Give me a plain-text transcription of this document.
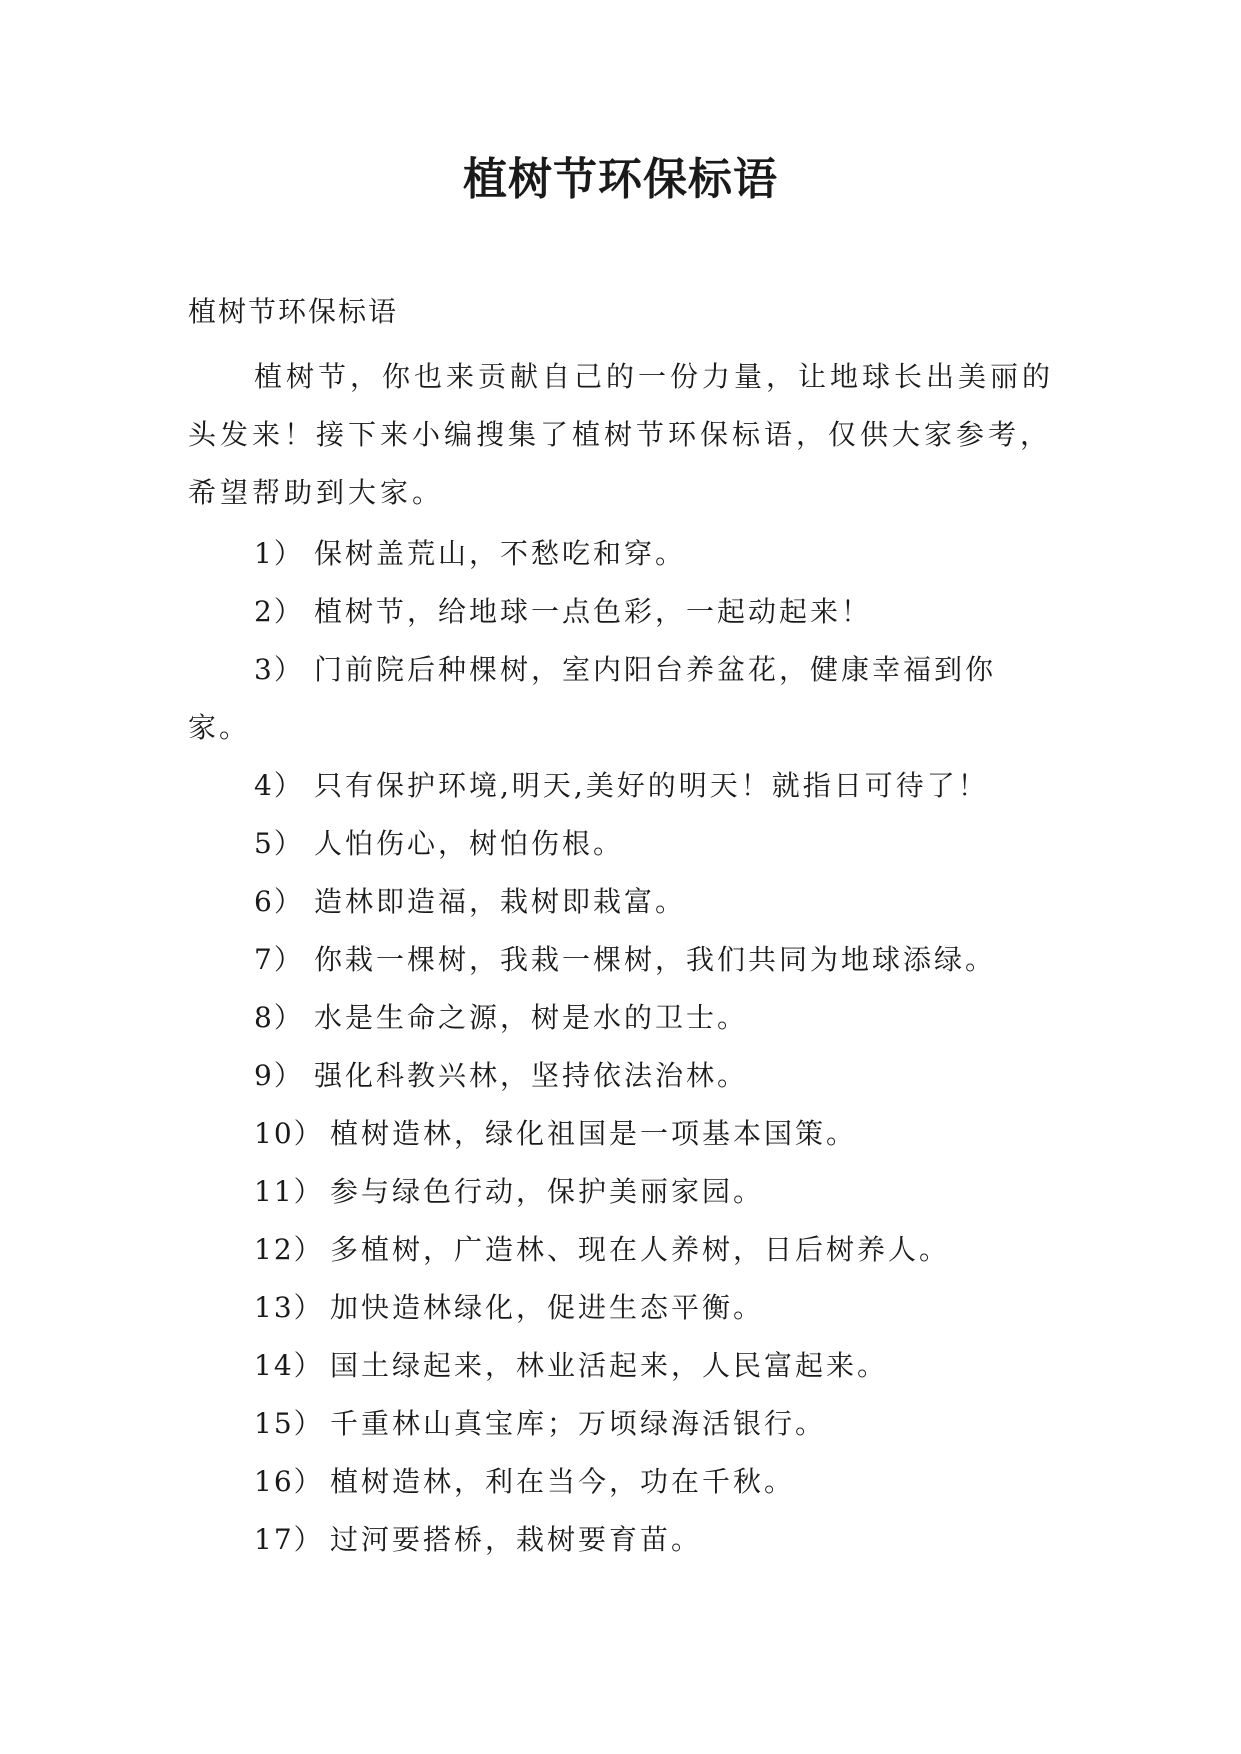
植树节环保标语

植树节环保标语

植树节，你也来贡献自己的一份力量，让地球长出美丽的头发来！接下来小编搜集了植树节环保标语，仅供大家参考，希望帮助到大家。

1） 保树盖荒山，不愁吃和穿。
2） 植树节，给地球一点色彩，一起动起来！
3） 门前院后种棵树，室内阳台养盆花，健康幸福到你
家。
4） 只有保护环境,明天,美好的明天！就指日可待了！
5） 人怕伤心，树怕伤根。
6） 造林即造福，栽树即栽富。
7） 你栽一棵树，我栽一棵树，我们共同为地球添绿。
8） 水是生命之源，树是水的卫士。
9） 强化科教兴林，坚持依法治林。
10） 植树造林，绿化祖国是一项基本国策。
11） 参与绿色行动，保护美丽家园。
12） 多植树，广造林、现在人养树，日后树养人。
13） 加快造林绿化，促进生态平衡。
14） 国土绿起来，林业活起来，人民富起来。
15） 千重林山真宝库；万顷绿海活银行。
16） 植树造林，利在当今，功在千秋。
17） 过河要搭桥，栽树要育苗。
